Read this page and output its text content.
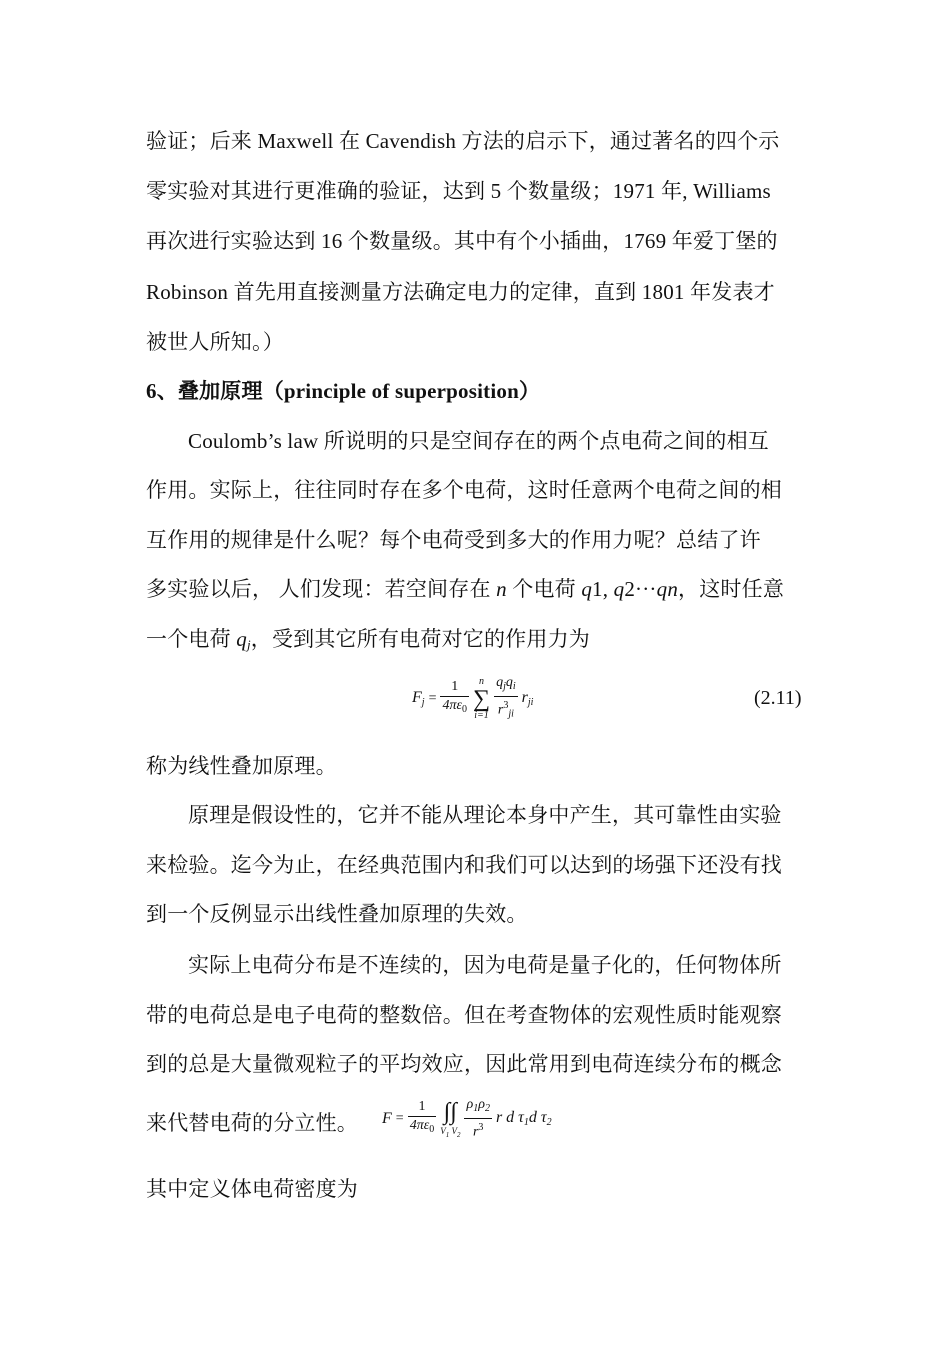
验证；后来 Maxwell 在 Cavendish 方法的启示下，通过著名的四个示
零实验对其进行更准确的验证，达到 5 个数量级；1971 年, Williams
再次进行实验达到 16 个数量级。其中有个小插曲，1769 年爱丁堡的
Robinson 首先用直接测量方法确定电力的定律，直到 1801 年发表才
被世人所知。）
6、叠加原理（principle of superposition）
Coulomb’s law 所说明的只是空间存在的两个点电荷之间的相互
作用。实际上，往往同时存在多个电荷，这时任意两个电荷之间的相
互作用的规律是什么呢？每个电荷受到多大的作用力呢？总结了许
多实验以后， 人们发现：若空间存在 n 个电荷 q1, q2···qn，这时任意
一个电荷 $q_j$，受到其它所有电荷对它的作用力为
$F_j = \frac{1}{4\pi\varepsilon_0}$
	n
∑
i=1
$\frac{q_jq_i}{r^3_{ji}} r_{ji}$	(2.11)
称为线性叠加原理。
原理是假设性的，它并不能从理论本身中产生，其可靠性由实验
来检验。迄今为止，在经典范围内和我们可以达到的场强下还没有找
到一个反例显示出线性叠加原理的失效。
实际上电荷分布是不连续的，因为电荷是量子化的，任何物体所
带的电荷总是电子电荷的整数倍。但在考查物体的宏观性质时能观察
到的总是大量微观粒子的平均效应，因此常用到电荷连续分布的概念
来代替电荷的分立性。 $F = \frac{1}{4\pi\varepsilon_0}$
∫∫
$V_1$ $V_2$
$\frac{\rho_1\rho_2}{r^3}$ r d $\tau_1d$ $\tau_2$
其中定义体电荷密度为
